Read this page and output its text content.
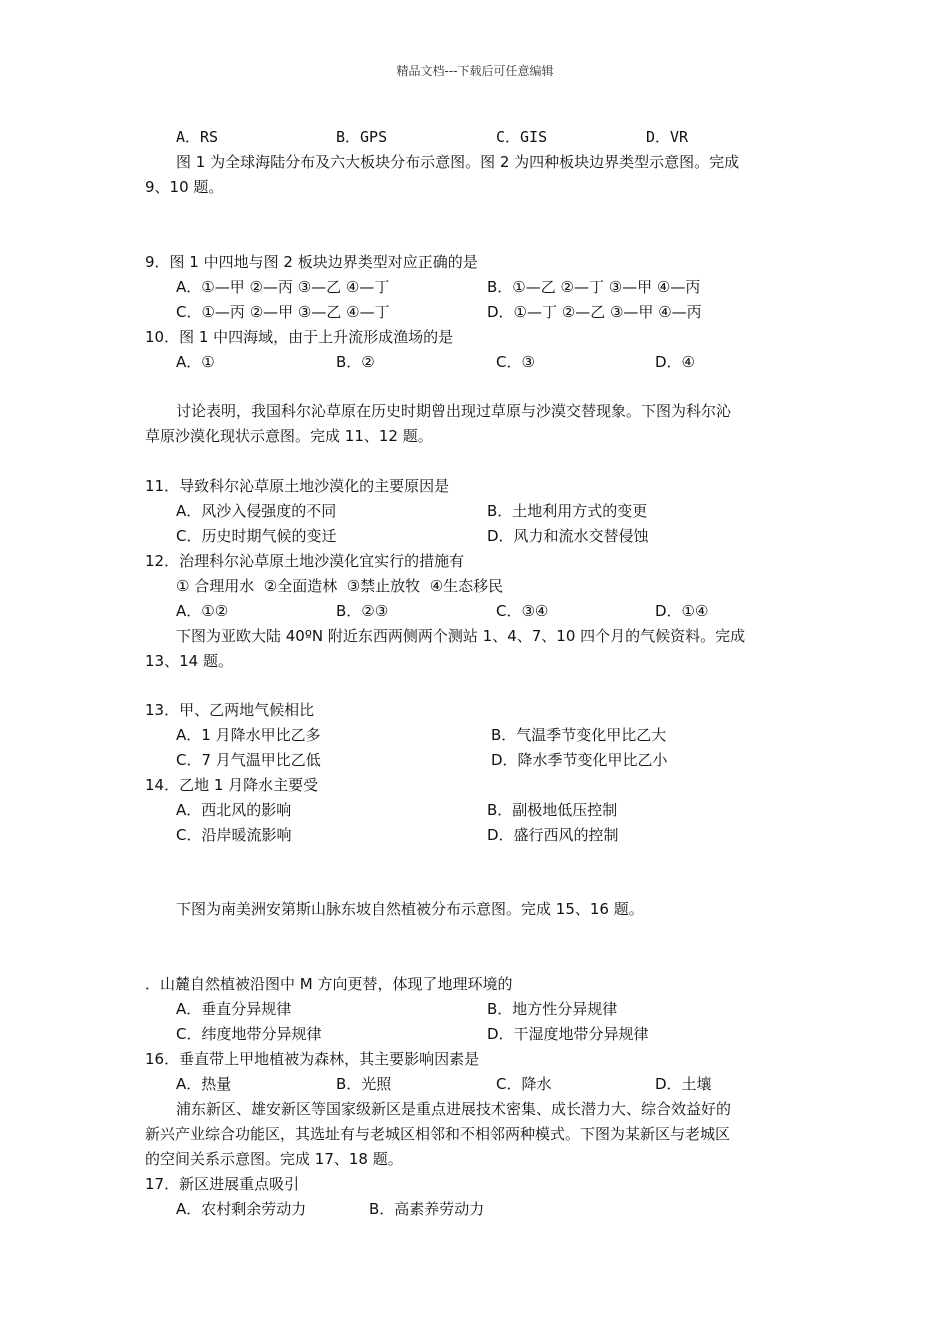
精品文档---下载后可任意编辑
A．RS	B．GPS	C．GIS	D．VR
图 1 为全球海陆分布及六大板块分布示意图。图 2 为四种板块边界类型示意图。完成
9、10 题。
9．图 1 中四地与图 2 板块边界类型对应正确的是
A．①—甲 ②—丙 ③—乙 ④—丁	B．①—乙 ②—丁 ③—甲 ④—丙
C．①—丙 ②—甲 ③—乙 ④—丁	D．①—丁 ②—乙 ③—甲 ④—丙
10．图 1 中四海域，由于上升流形成渔场的是
A．①	B．②	C．③	D．④
讨论表明，我国科尔沁草原在历史时期曾出现过草原与沙漠交替现象。下图为科尔沁
草原沙漠化现状示意图。完成 11、12 题。
11．导致科尔沁草原土地沙漠化的主要原因是
A．风沙入侵强度的不同	B．土地利用方式的变更
C．历史时期气候的变迁	D．风力和流水交替侵蚀
12．治理科尔沁草原土地沙漠化宜实行的措施有
① 合理用水  ②全面造林  ③禁止放牧  ④生态移民
A．①②	B．②③	C．③④	D．①④
下图为亚欧大陆 40ºN 附近东西两侧两个测站 1、4、7、10 四个月的气候资料。完成
13、14 题。
13．甲、乙两地气候相比
A．1 月降水甲比乙多	B．气温季节变化甲比乙大
C．7 月气温甲比乙低	D．降水季节变化甲比乙小
14．乙地 1 月降水主要受
A．西北风的影响	B．副极地低压控制
C．沿岸暖流影响	D．盛行西风的控制
下图为南美洲安第斯山脉东坡自然植被分布示意图。完成 15、16 题。
．山麓自然植被沿图中 M 方向更替，体现了地理环境的
A．垂直分异规律	B．地方性分异规律
C．纬度地带分异规律	D．干湿度地带分异规律
16．垂直带上甲地植被为森林，其主要影响因素是
A．热量	B．光照	C．降水	D．土壤
浦东新区、雄安新区等国家级新区是重点进展技术密集、成长潜力大、综合效益好的
新兴产业综合功能区，其选址有与老城区相邻和不相邻两种模式。下图为某新区与老城区
的空间关系示意图。完成 17、18 题。
17．新区进展重点吸引
A．农村剩余劳动力	B．高素养劳动力
